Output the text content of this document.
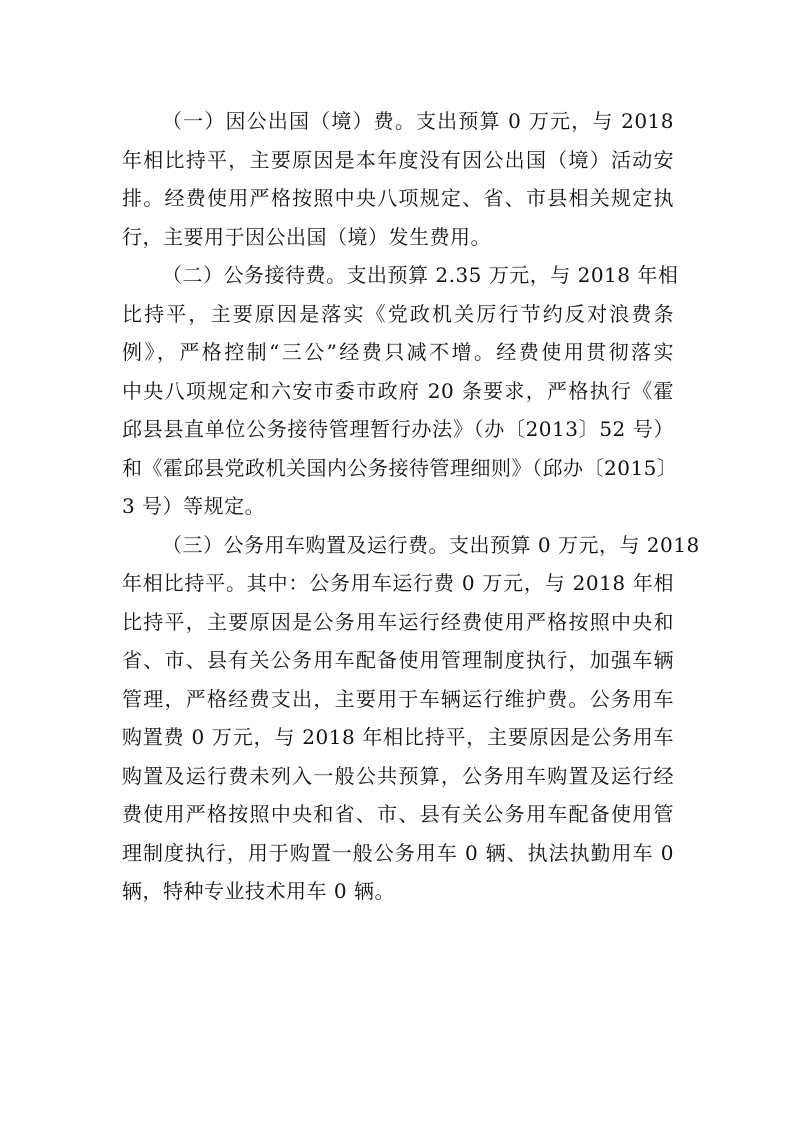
（一）因公出国（境）费。支出预算 0 万元，与 2018
年相比持平，主要原因是本年度没有因公出国（境）活动安
排。经费使用严格按照中央八项规定、省、市县相关规定执
行，主要用于因公出国（境）发生费用。
（二）公务接待费。支出预算 2.35 万元，与 2018 年相
比持平，主要原因是落实《党政机关厉行节约反对浪费条
例》，严格控制“三公”经费只减不增。经费使用贯彻落实
中央八项规定和六安市委市政府 20 条要求，严格执行《霍
邱县县直单位公务接待管理暂行办法》（办〔2013〕52 号）
和《霍邱县党政机关国内公务接待管理细则》（邱办〔2015〕
3 号）等规定。
（三）公务用车购置及运行费。支出预算 0 万元，与 2018
年相比持平。其中：公务用车运行费 0 万元，与 2018 年相
比持平，主要原因是公务用车运行经费使用严格按照中央和
省、市、县有关公务用车配备使用管理制度执行，加强车辆
管理，严格经费支出，主要用于车辆运行维护费。公务用车
购置费 0 万元，与 2018 年相比持平，主要原因是公务用车
购置及运行费未列入一般公共预算，公务用车购置及运行经
费使用严格按照中央和省、市、县有关公务用车配备使用管
理制度执行，用于购置一般公务用车 0 辆、执法执勤用车 0
辆，特种专业技术用车 0 辆。
